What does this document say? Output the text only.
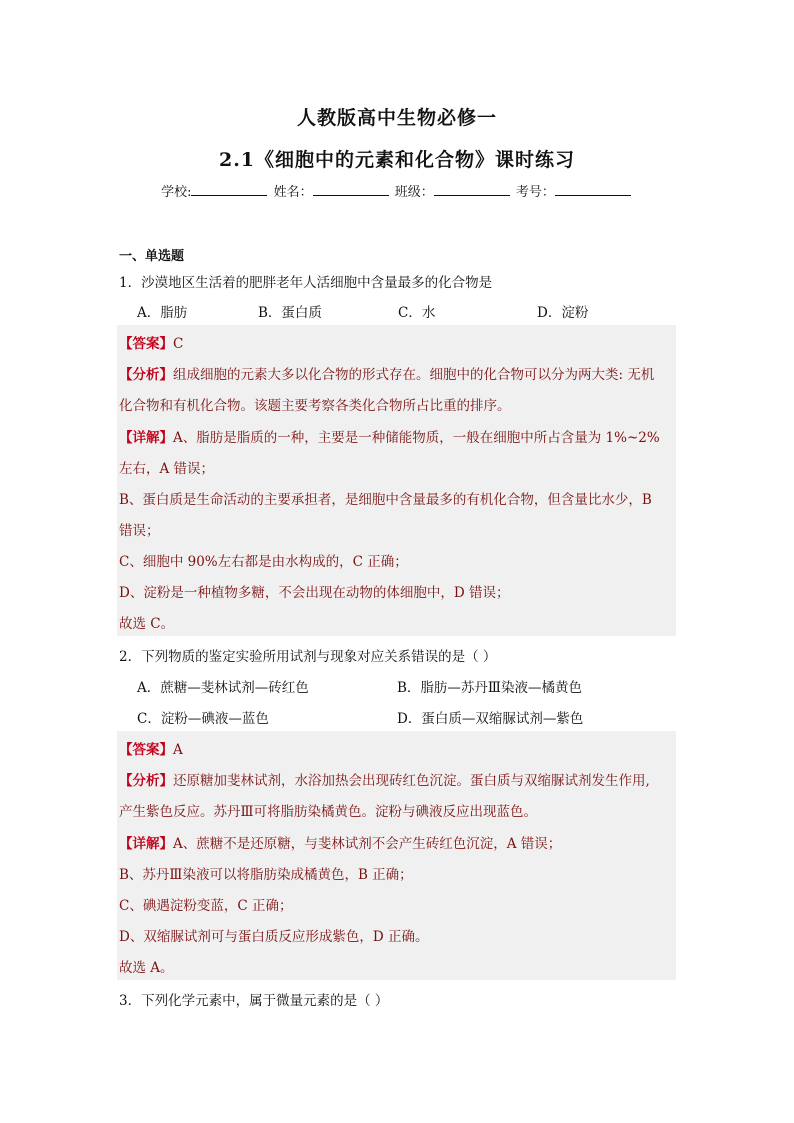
人教版高中生物必修一
2.1《细胞中的元素和化合物》课时练习
学校:	姓名：	班级：	考号：
一、单选题
1．沙漠地区生活着的肥胖老年人活细胞中含量最多的化合物是
A．脂肪	B．蛋白质	C．水	D．淀粉
【答案】C
【分析】组成细胞的元素大多以化合物的形式存在。细胞中的化合物可以分为两大类: 无机
化合物和有机化合物。该题主要考察各类化合物所占比重的排序。
【详解】A、脂肪是脂质的一种，主要是一种储能物质，一般在细胞中所占含量为 1%~2%
左右，A 错误；
B、蛋白质是生命活动的主要承担者，是细胞中含量最多的有机化合物，但含量比水少，B
错误；
C、细胞中 90%左右都是由水构成的，C 正确；
D、淀粉是一种植物多糖，不会出现在动物的体细胞中，D 错误；
故选 C。
2．下列物质的鉴定实验所用试剂与现象对应关系错误的是（ ）
A．蔗糖—斐林试剂—砖红色	B．脂肪—苏丹Ⅲ染液—橘黄色
C．淀粉—碘液—蓝色	D．蛋白质—双缩脲试剂—紫色
【答案】A
【分析】还原糖加斐林试剂，水浴加热会出现砖红色沉淀。蛋白质与双缩脲试剂发生作用,
产生紫色反应。苏丹Ⅲ可将脂肪染橘黄色。淀粉与碘液反应出现蓝色。
【详解】A、蔗糖不是还原糖，与斐林试剂不会产生砖红色沉淀，A 错误；
B、苏丹Ⅲ染液可以将脂肪染成橘黄色，B 正确；
C、碘遇淀粉变蓝，C 正确；
D、双缩脲试剂可与蛋白质反应形成紫色，D 正确。
故选 A。
3．下列化学元素中，属于微量元素的是（ ）
